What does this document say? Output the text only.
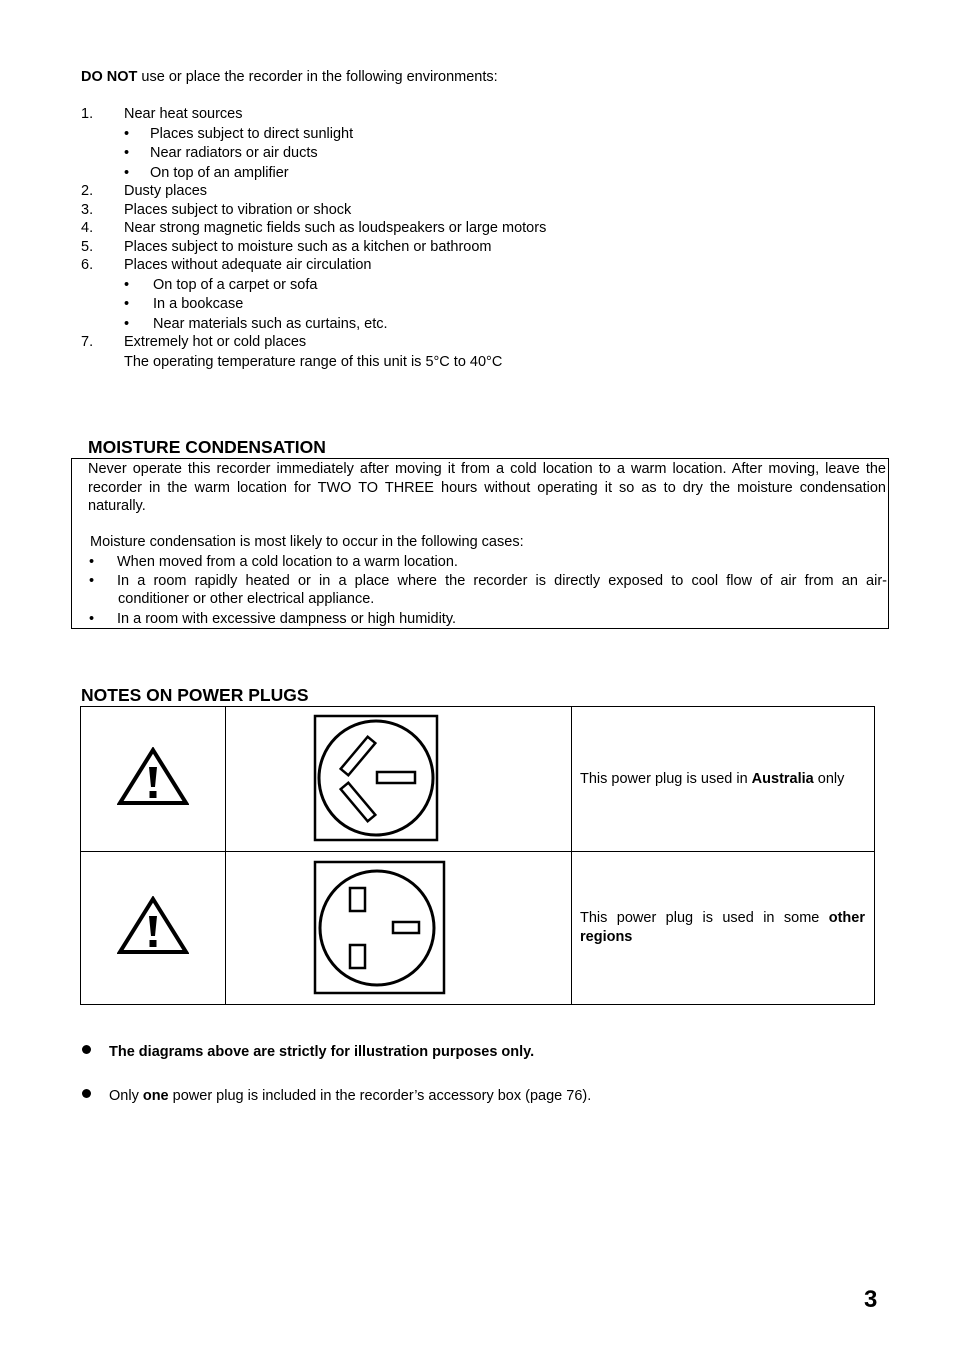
DO NOT use or place the recorder in the following environments:
1. Near heat sources
• Places subject to direct sunlight
• Near radiators or air ducts
• On top of an amplifier
2. Dusty places
3. Places subject to vibration or shock
4. Near strong magnetic fields such as loudspeakers or large motors
5. Places subject to moisture such as a kitchen or bathroom
6. Places without adequate air circulation
• On top of a carpet or sofa
• In a bookcase
• Near materials such as curtains, etc.
7. Extremely hot or cold places
The operating temperature range of this unit is 5°C to 40°C
MOISTURE CONDENSATION
Never operate this recorder immediately after moving it from a cold location to a warm location. After moving, leave the recorder in the warm location for TWO TO THREE hours without operating it so as to dry the moisture condensation naturally.
Moisture condensation is most likely to occur in the following cases:
• When moved from a cold location to a warm location.
• In a room rapidly heated or in a place where the recorder is directly exposed to cool flow of air from an air-
conditioner or other electrical appliance.
• In a room with excessive dampness or high humidity.
NOTES ON POWER PLUGS

	This power plug is used in Australia only

	This power plug is used in some other regions
The diagrams above are strictly for illustration purposes only.
Only one power plug is included in the recorder’s accessory box (page 76).
3
